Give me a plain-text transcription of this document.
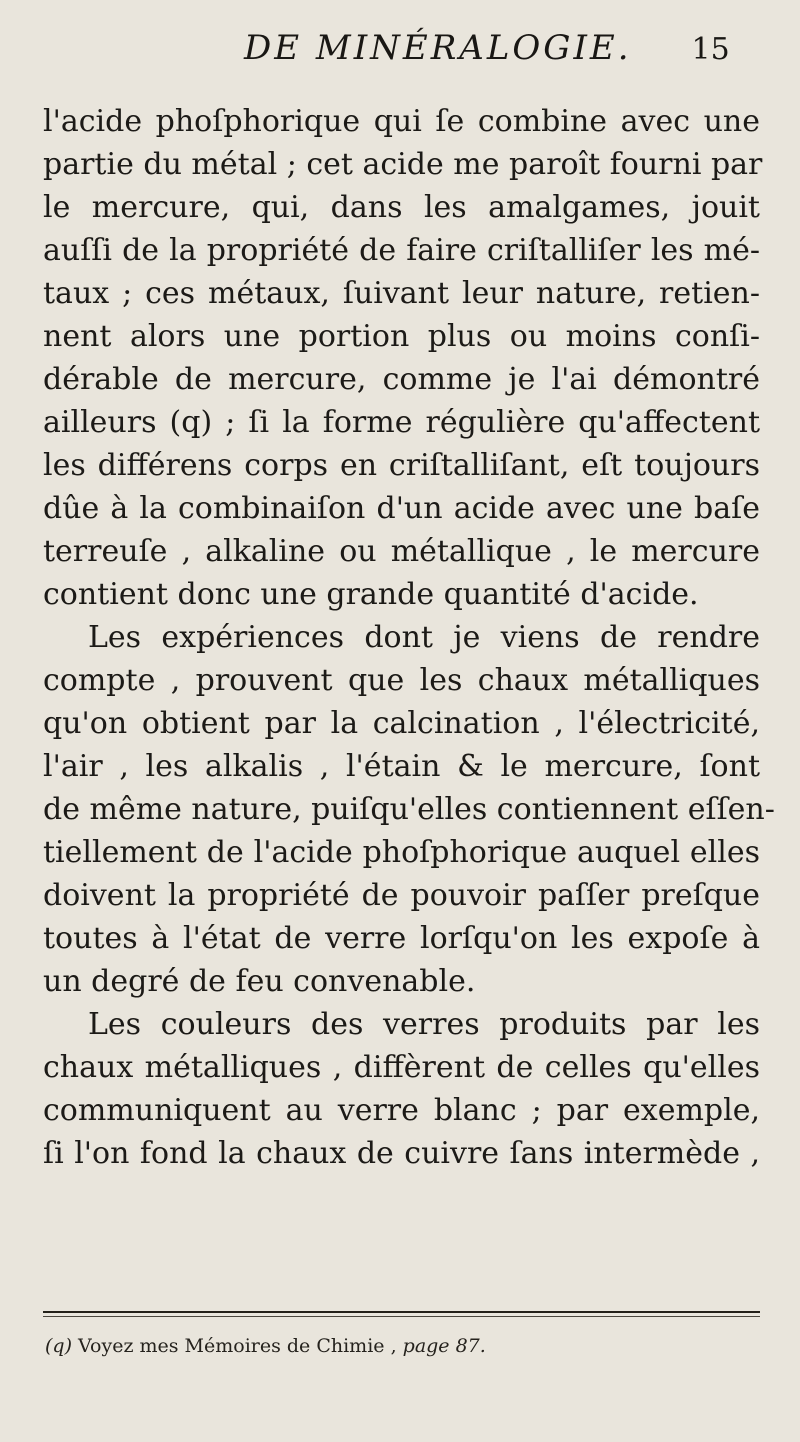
DE MINÉRALOGIE. 15
l'acide phoſphorique qui ſe combine avec une
partie du métal ; cet acide me paroît fourni par
le mercure, qui, dans les amalgames, jouit
auſſi de la propriété de faire criſtalliſer les mé-
taux ; ces métaux, ſuivant leur nature, retien-
nent alors une portion plus ou moins conſi-
dérable de mercure, comme je l'ai démontré
ailleurs (q) ; ſi la forme régulière qu'affectent
les différens corps en criſtalliſant, eſt toujours
dûe à la combinaiſon d'un acide avec une baſe
terreuſe , alkaline ou métallique , le mercure
contient donc une grande quantité d'acide.
Les expériences dont je viens de rendre
compte , prouvent que les chaux métalliques
qu'on obtient par la calcination , l'électricité,
l'air , les alkalis , l'étain & le mercure, ſont
de même nature, puiſqu'elles contiennent eſſen-
tiellement de l'acide phoſphorique auquel elles
doivent la propriété de pouvoir paſſer preſque
toutes à l'état de verre lorſqu'on les expoſe à
un degré de feu convenable.
Les couleurs des verres produits par les
chaux métalliques , diffèrent de celles qu'elles
communiquent au verre blanc ; par exemple,
ſi l'on fond la chaux de cuivre ſans intermède ,
(q) Voyez mes Mémoires de Chimie , page 87.
